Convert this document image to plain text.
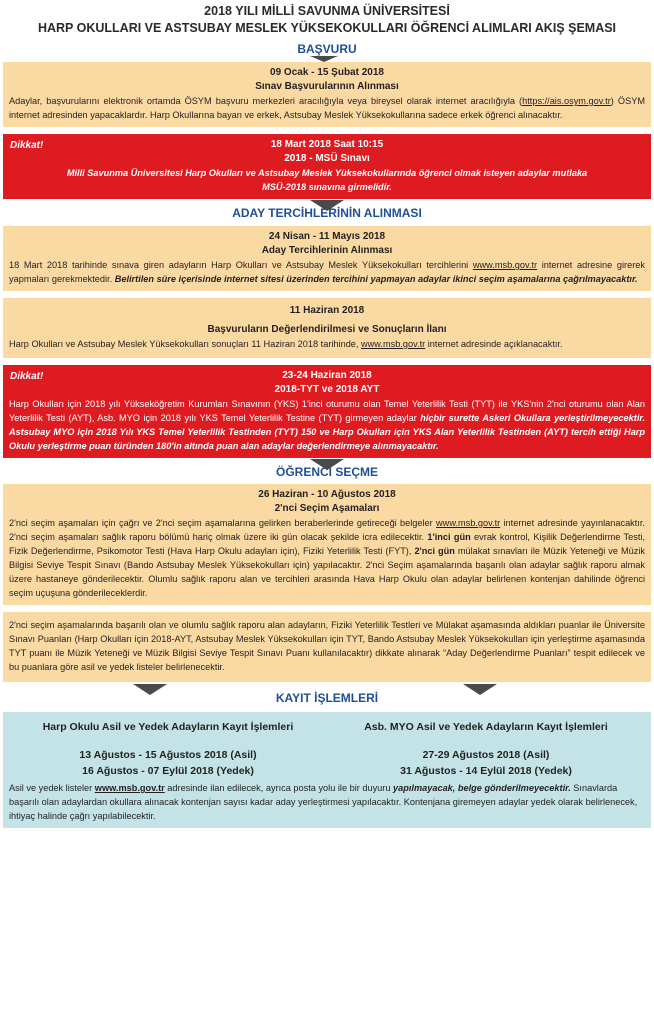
2018 YILI MİLLİ SAVUNMA ÜNİVERSİTESİ
HARP OKULLARI VE ASTSUBAY MESLEK YÜKSEKOKULLARI ÖĞRENCİ ALIMLARI AKIŞ ŞEMASI
BAŞVURU
09 Ocak - 15 Şubat 2018
Sınav Başvurularının Alınması

Adaylar, başvurularını elektronik ortamda ÖSYM başvuru merkezleri aracılığıyla veya bireysel olarak internet aracılığıyla (https://ais.osym.gov.tr) ÖSYM internet adresinden yapacaklardır. Harp Okullarına bayan ve erkek, Astsubay Meslek Yüksekokullarına sadece erkek öğrenci alınacaktır.

Dikkat!	18 Mart 2018 Saat 10:15
2018 - MSÜ Sınavı

Milli Savunma Üniversitesi Harp Okulları ve Astsubay Meslek Yüksekokullarında öğrenci olmak isteyen adaylar mutlaka MSÜ-2018 sınavına girmelidir.

ADAY TERCİHLERİNİN ALINMASI
24 Nisan - 11 Mayıs 2018
Aday Tercihlerinin Alınması

18 Mart 2018 tarihinde sınava giren adayların Harp Okulları ve Astsubay Meslek Yüksekokulları tercihlerini www.msb.gov.tr internet adresine girerek yapmaları gerekmektedir. Belirtilen süre içerisinde internet sitesi üzerinden tercihini yapmayan adaylar ikinci seçim aşamalarına çağrılmayacaktır.

11 Haziran 2018
Başvuruların Değerlendirilmesi ve Sonuçların İlanı

Harp Okulları ve Astsubay Meslek Yüksekokulları sonuçları 11 Haziran 2018 tarihinde, www.msb.gov.tr internet adresinde açıklanacaktır.

Dikkat!	23-24 Haziran 2018
2018-TYT ve 2018 AYT

Harp Okulları için 2018 yılı Yükseköğretim Kurumları Sınavının (YKS) 1'inci oturumu olan Temel Yeterlilik Testi (TYT) ile YKS'nin 2'nci oturumu olan Alan Yeterlilik Testi (AYT), Asb. MYO için 2018 yılı YKS Temel Yeterlilik Testine (TYT) girmeyen adaylar hiçbir surette Askeri Okullara yerleştirilmeyecektir. Astsubay MYO için 2018 Yılı YKS Temel Yeterlilik Testinden (TYT) 150 ve Harp Okulları için YKS Alan Yeterlilik Testinden (AYT) tercih ettiği Harp Okulu yerleştirme puan türünden 180'in altında puan alan adaylar değerlendirmeye alınmayacaktır.

ÖĞRENCİ SEÇME
26 Haziran - 10 Ağustos 2018
2'nci Seçim Aşamaları

2'nci seçim aşamaları için çağrı ve 2'nci seçim aşamalarına gelirken beraberlerinde getireceği belgeler www.msb.gov.tr internet adresinde yayınlanacaktır. 2'nci seçim aşamaları sağlık raporu bölümü hariç olmak üzere iki gün olacak şekilde icra edilecektir. 1'inci gün evrak kontrol, Kişilik Değerlendirme Testi, Fizik Değerlendirme, Psikomotor Testi (Hava Harp Okulu adayları için), Fiziki Yeterlilik Testi (FYT), 2'nci gün mülakat sınavları ile Müzik Yeteneği ve Müzik Bilgisi Seviye Tespit Sınavı (Bando Astsubay Meslek Yüksekokulları için) yapılacaktır. 2'nci Seçim aşamalarında başarılı olan adaylar sağlık raporu almak üzere hastaneye gönderilecektir. Olumlu sağlık raporu alan ve tercihleri arasında Hava Harp Okulu olan adaylar belirlenen kontenjan dahilinde öğrenci seçim uçuşuna gönderileceklerdir.

2'nci seçim aşamalarında başarılı olan ve olumlu sağlık raporu alan adayların, Fiziki Yeterlilik Testleri ve Mülakat aşamasında aldıkları puanlar ile Üniversite Sınavı Puanları (Harp Okulları için 2018-AYT, Astsubay Meslek Yüksekokulları için TYT, Bando Astsubay Meslek Yüksekokulları için yerleştirme aşamasında TYT puanı ile Müzik Yeteneği ve Müzik Bilgisi Seviye Tespit Sınavı Puanı kullanılacaktır) dikkate alınarak “Aday Değerlendirme Puanları” tespit edilecek ve bu puanlara göre asil ve yedek listeler belirlenecektir.

KAYIT İŞLEMLERİ
Harp Okulu Asil ve Yedek Adayların Kayıt İşlemleri
13 Ağustos - 15 Ağustos 2018 (Asil)
16 Ağustos - 07 Eylül 2018 (Yedek)
Asb. MYO Asil ve Yedek Adayların Kayıt İşlemleri
27-29 Ağustos 2018 (Asil)
31 Ağustos - 14 Eylül 2018 (Yedek)

Asil ve yedek listeler www.msb.gov.tr adresinde ilan edilecek, ayrıca posta yolu ile bir duyuru yapılmayacak, belge gönderilmeyecektir. Sınavlarda başarılı olan adaylardan okullara alınacak kontenjan sayısı kadar aday yerleştirmesi yapılacaktır. Kontenjana giremeyen adaylar yedek olarak belirlenecek, ihtiyaç halinde çağrı yapılabilecektir.
